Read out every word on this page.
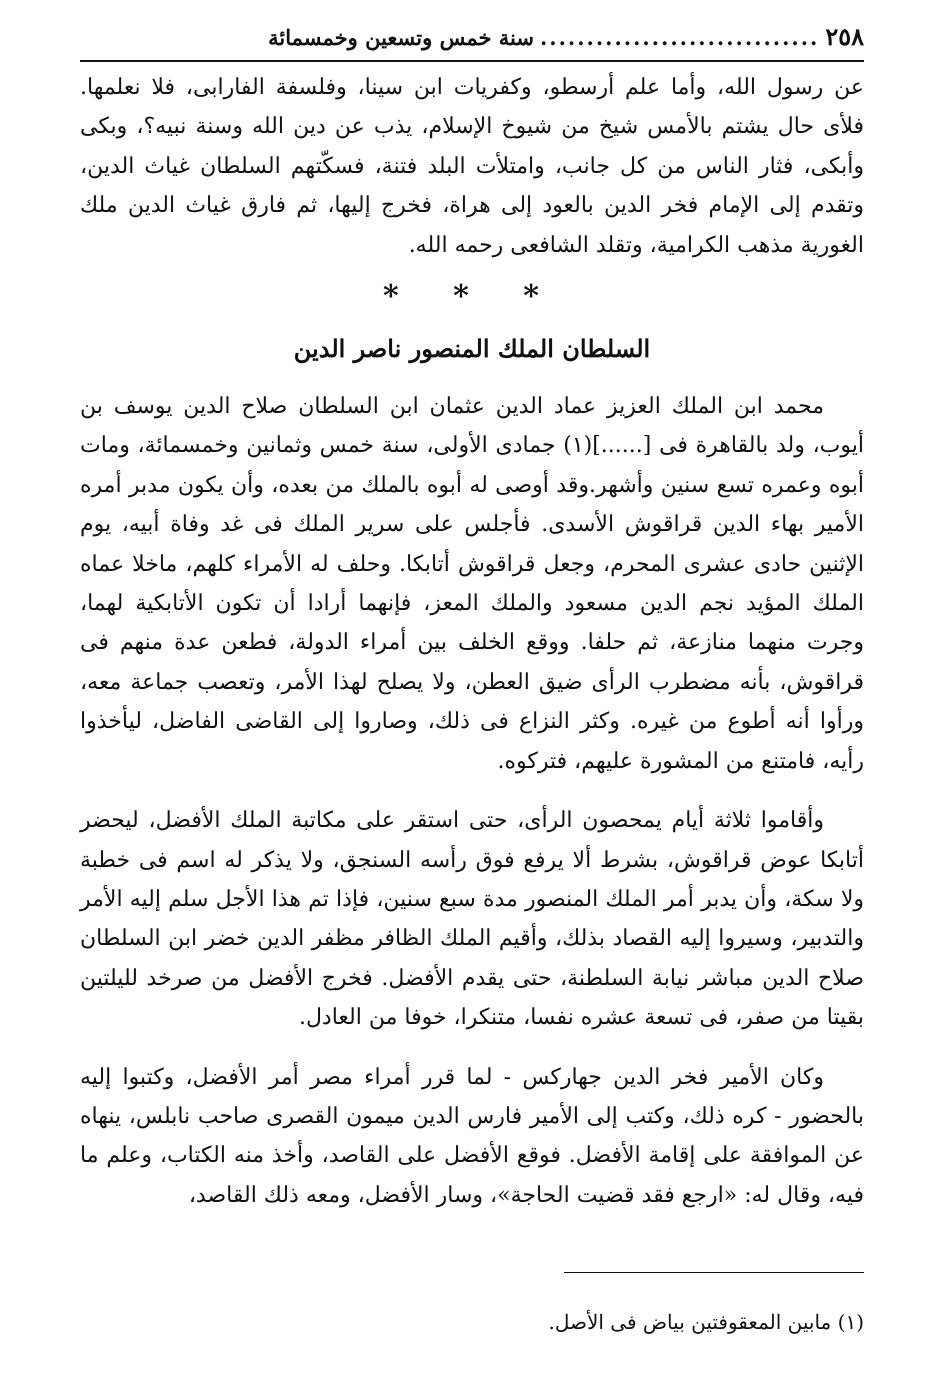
٢٥٨
..............................
سنة خمس وتسعين وخمسمائة

عن رسول الله، وأما علم أرسطو، وكفريات ابن سينا، وفلسفة الفارابى، فلا نعلمها. فلأى حال يشتم بالأمس شيخ من شيوخ الإسلام، يذب عن دين الله وسنة نبيه؟، وبكى وأبكى، فثار الناس من كل جانب، وامتلأت البلد فتنة، فسكّتهم السلطان غياث الدين، وتقدم إلى الإمام فخر الدين بالعود إلى هراة، فخرج إليها، ثم فارق غياث الدين ملك الغورية مذهب الكرامية، وتقلد الشافعى رحمه الله.

* * *
السلطان الملك المنصور ناصر الدين

محمد ابن الملك العزيز عماد الدين عثمان ابن السلطان صلاح الدين يوسف بن أيوب، ولد بالقاهرة فى [......](١) جمادى الأولى، سنة خمس وثمانين وخمسمائة، ومات أبوه وعمره تسع سنين وأشهر.وقد أوصى له أبوه بالملك من بعده، وأن يكون مدبر أمره الأمير بهاء الدين قراقوش الأسدى. فأجلس على سرير الملك فى غد وفاة أبيه، يوم الإثنين حادى عشرى المحرم، وجعل قراقوش أتابكا. وحلف له الأمراء كلهم، ماخلا عماه الملك المؤيد نجم الدين مسعود والملك المعز، فإنهما أرادا أن تكون الأتابكية لهما، وجرت منهما منازعة، ثم حلفا. ووقع الخلف بين أمراء الدولة، فطعن عدة منهم فى قراقوش، بأنه مضطرب الرأى ضيق العطن، ولا يصلح لهذا الأمر، وتعصب جماعة معه، ورأوا أنه أطوع من غيره. وكثر النزاع فى ذلك، وصاروا إلى القاضى الفاضل، ليأخذوا رأيه، فامتنع من المشورة عليهم، فتركوه.

وأقاموا ثلاثة أيام يمحصون الرأى، حتى استقر على مكاتبة الملك الأفضل، ليحضر أتابكا عوض قراقوش، بشرط ألا يرفع فوق رأسه السنجق، ولا يذكر له اسم فى خطبة ولا سكة، وأن يدبر أمر الملك المنصور مدة سبع سنين، فإذا تم هذا الأجل سلم إليه الأمر والتدبير، وسيروا إليه القصاد بذلك، وأقيم الملك الظافر مظفر الدين خضر ابن السلطان صلاح الدين مباشر نيابة السلطنة، حتى يقدم الأفضل. فخرج الأفضل من صرخد لليلتين بقيتا من صفر، فى تسعة عشره نفسا، متنكرا، خوفا من العادل.

وكان الأمير فخر الدين جهاركس - لما قرر أمراء مصر أمر الأفضل، وكتبوا إليه بالحضور - كره ذلك، وكتب إلى الأمير فارس الدين ميمون القصرى صاحب نابلس، ينهاه عن الموافقة على إقامة الأفضل. فوقع الأفضل على القاصد، وأخذ منه الكتاب، وعلم ما فيه، وقال له: «ارجع فقد قضيت الحاجة»، وسار الأفضل، ومعه ذلك القاصد،

(١) مابين المعقوفتين بياض فى الأصل.
